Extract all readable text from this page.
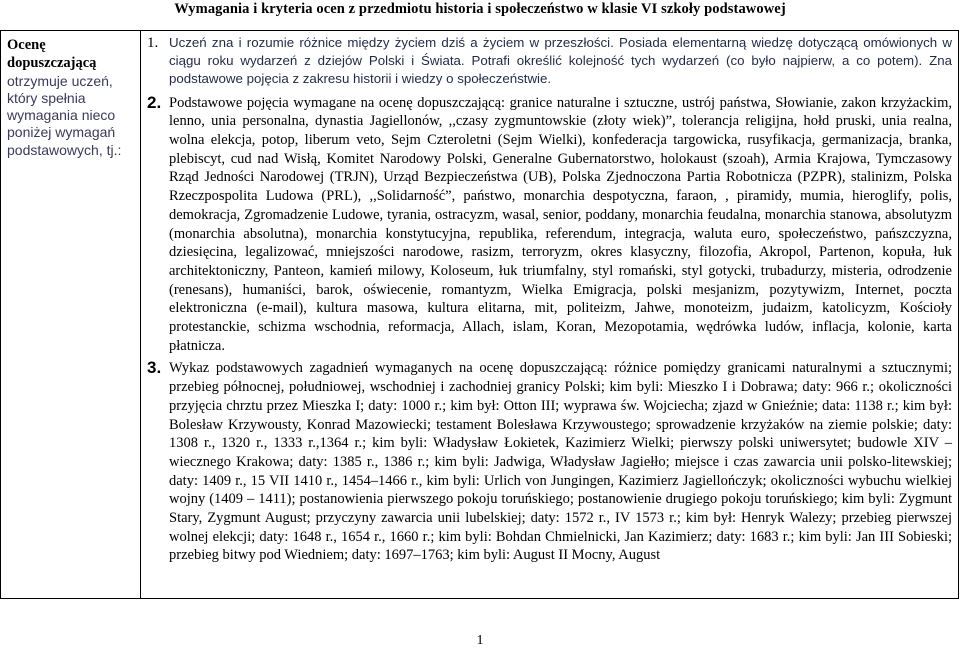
Wymagania i kryteria ocen z przedmiotu historia i społeczeństwo w klasie VI szkoły podstawowej

Ocenę dopuszczającą otrzymuje uczeń, który spełnia wymagania nieco poniżej wymagań podstawowych, tj.:

1. Uczeń zna i rozumie różnice między życiem dziś a życiem w przeszłości. Posiada elementarną wiedzę dotyczącą omówionych w ciągu roku wydarzeń z dziejów Polski i Świata. Potrafi określić kolejność tych wydarzeń (co było najpierw, a co potem). Zna podstawowe pojęcia z zakresu historii i wiedzy o społeczeństwie.
2. Podstawowe pojęcia wymagane na ocenę dopuszczającą: granice naturalne i sztuczne, ustrój państwa, Słowianie, zakon krzyżackim, lenno, unia personalna, dynastia Jagiellonów, ,,czasy zygmuntowskie (złoty wiek)”, tolerancja religijna, hołd pruski, unia realna, wolna elekcja, potop, liberum veto, Sejm Czteroletni (Sejm Wielki), konfederacja targowicka, rusyfikacja, germanizacja, branka, plebiscyt, cud nad Wisłą, Komitet Narodowy Polski, Generalne Gubernatorstwo, holokaust (szoah), Armia Krajowa, Tymczasowy Rząd Jedności Narodowej (TRJN), Urząd Bezpieczeństwa (UB), Polska Zjednoczona Partia Robotnicza (PZPR), stalinizm, Polska Rzeczpospolita Ludowa (PRL), ,,Solidarność”, państwo, monarchia despotyczna, faraon, , piramidy, mumia, hieroglify, polis, demokracja, Zgromadzenie Ludowe, tyrania, ostracyzm, wasal, senior, poddany, monarchia feudalna, monarchia stanowa, absolutyzm (monarchia absolutna), monarchia konstytucyjna, republika, referendum, integracja, waluta euro, społeczeństwo, pańszczyzna, dziesięcina, legalizować, mniejszości narodowe, rasizm, terroryzm, okres klasyczny, filozofia, Akropol, Partenon, kopuła, łuk architektoniczny, Panteon, kamień milowy, Koloseum, łuk triumfalny, styl romański, styl gotycki, trubadurzy, misteria, odrodzenie (renesans), humaniści, barok, oświecenie, romantyzm, Wielka Emigracja, polski mesjanizm, pozytywizm, Internet, poczta elektroniczna (e-mail), kultura masowa, kultura elitarna, mit, politeizm, Jahwe, monoteizm, judaizm, katolicyzm, Kościoły protestanckie, schizma wschodnia, reformacja, Allach, islam, Koran, Mezopotamia, wędrówka ludów, inflacja, kolonie, karta płatnicza.
3. Wykaz podstawowych zagadnień wymaganych na ocenę dopuszczającą: różnice pomiędzy granicami naturalnymi a sztucznymi; przebieg północnej, południowej, wschodniej i zachodniej granicy Polski; kim byli: Mieszko I i Dobrawa; daty: 966 r.; okoliczności przyjęcia chrztu przez Mieszka I; daty: 1000 r.; kim był: Otton III; wyprawa św. Wojciecha; zjazd w Gnieźnie; data: 1138 r.; kim był: Bolesław Krzywousty, Konrad Mazowiecki; testament Bolesława Krzywoustego; sprowadzenie krzyżaków na ziemie polskie; daty: 1308 r., 1320 r., 1333 r.,1364 r.; kim byli: Władysław Łokietek, Kazimierz Wielki; pierwszy polski uniwersytet; budowle XIV – wiecznego Krakowa; daty: 1385 r., 1386 r.; kim byli: Jadwiga, Władysław Jagiełło; miejsce i czas zawarcia unii polsko-litewskiej; daty: 1409 r., 15 VII 1410 r., 1454–1466 r., kim byli: Urlich von Jungingen, Kazimierz Jagiellończyk; okoliczności wybuchu wielkiej wojny (1409 – 1411); postanowienia pierwszego pokoju toruńskiego; postanowienie drugiego pokoju toruńskiego; kim byli: Zygmunt Stary, Zygmunt August; przyczyny zawarcia unii lubelskiej; daty: 1572 r., IV 1573 r.; kim był: Henryk Walezy; przebieg pierwszej wolnej elekcji; daty: 1648 r., 1654 r., 1660 r.; kim byli: Bohdan Chmielnicki, Jan Kazimierz; daty: 1683 r.; kim byli: Jan III Sobieski; przebieg bitwy pod Wiedniem; daty: 1697–1763; kim byli: August II Mocny, August
1
